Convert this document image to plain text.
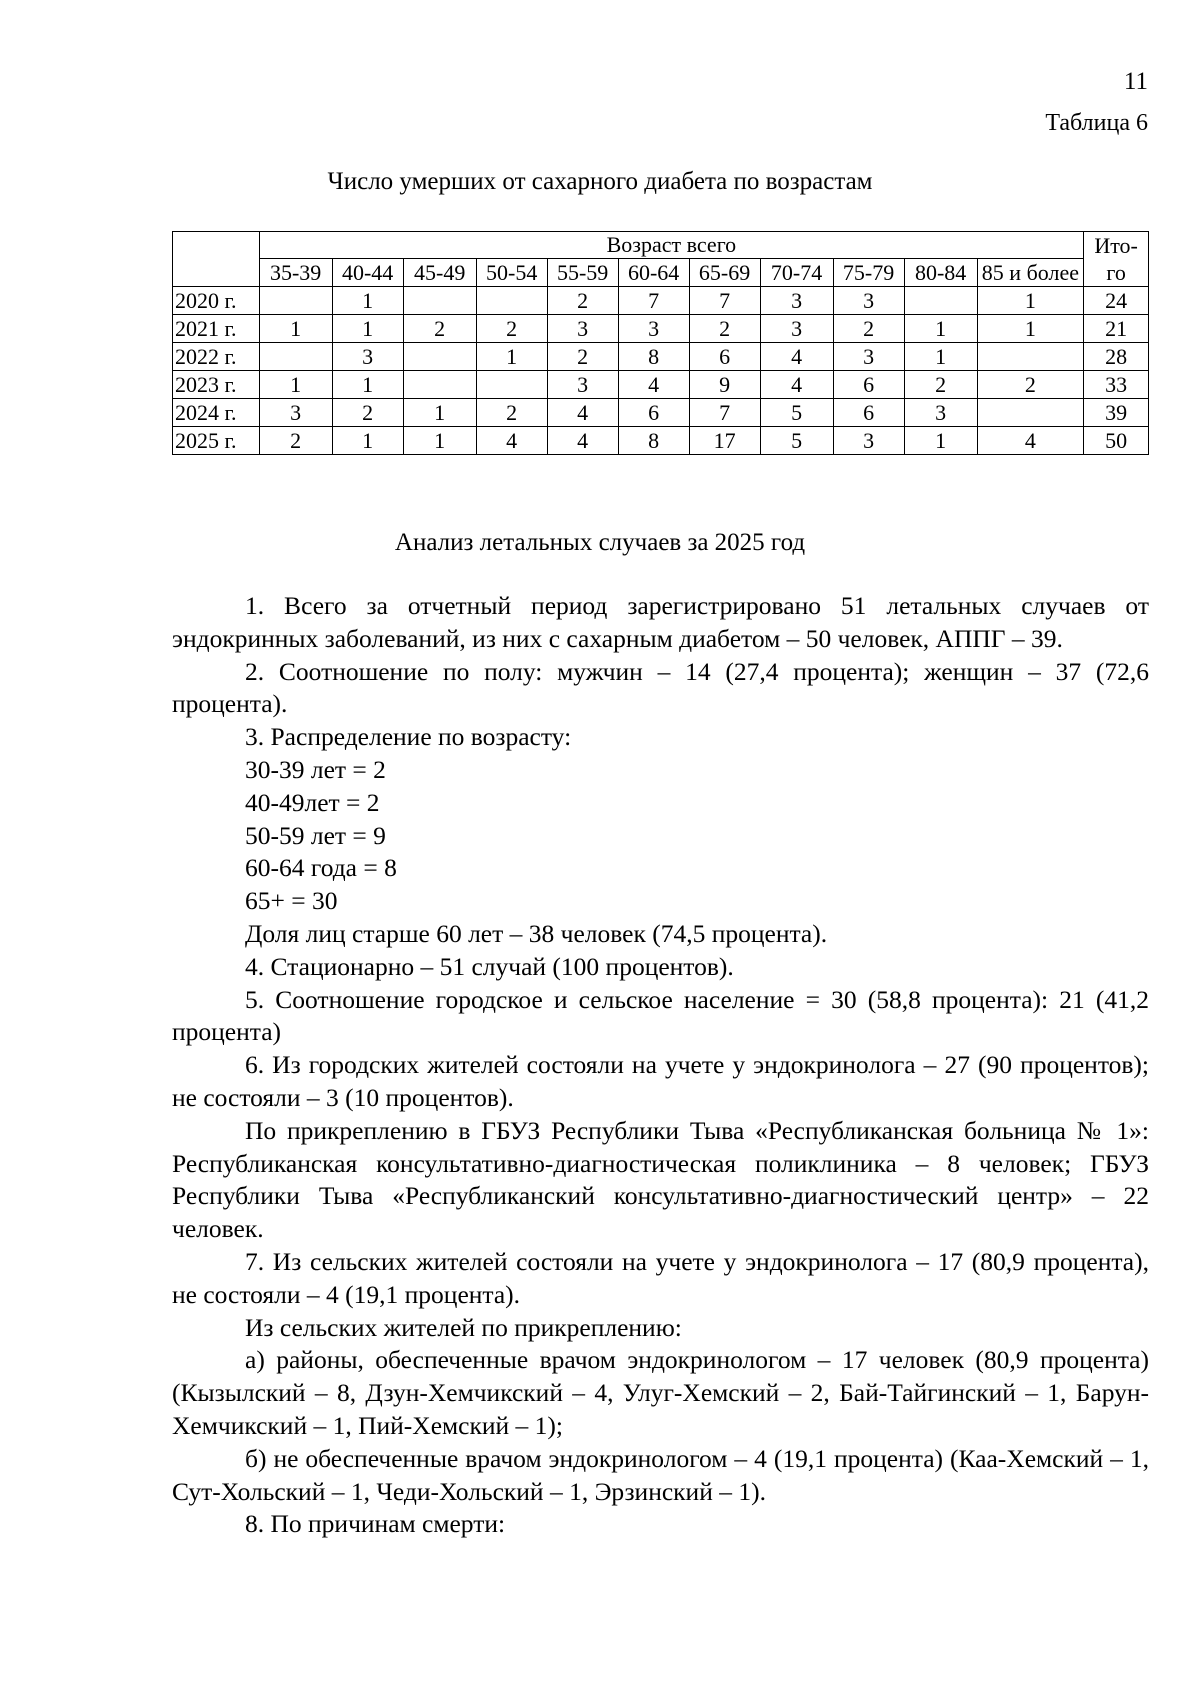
11
Таблица 6
Число умерших от сахарного диабета по возрастам
	Возраст всего											Ито-го
	35-39	40-44	45-49	50-54	55-59	60-64	65-69	70-74	75-79	80-84	85 и более	
2020 г.		1			2	7	7	3	3		1	24
2021 г.	1	1	2	2	3	3	2	3	2	1	1	21
2022 г.		3		1	2	8	6	4	3	1		28
2023 г.	1	1			3	4	9	4	6	2	2	33
2024 г.	3	2	1	2	4	6	7	5	6	3		39
2025 г.	2	1	1	4	4	8	17	5	3	1	4	50
Анализ летальных случаев за 2025 год

1. Всего за отчетный период зарегистрировано 51 летальных случаев от эндокринных заболеваний, из них с сахарным диабетом – 50 человек, АППГ – 39.

2. Соотношение по полу: мужчин – 14 (27,4 процента); женщин – 37 (72,6 процента).

3. Распределение по возрасту:

30-39 лет = 2

40-49лет = 2

50-59 лет = 9

60-64 года = 8

65+ = 30

Доля лиц старше 60 лет – 38 человек (74,5 процента).

4. Стационарно – 51 случай (100 процентов).

5. Соотношение городское и сельское население = 30 (58,8 процента): 21 (41,2 процента)

6. Из городских жителей состояли на учете у эндокринолога – 27 (90 процентов); не состояли – 3 (10 процентов).

По прикреплению в ГБУЗ Республики Тыва «Республиканская больница № 1»: Республиканская консультативно-диагностическая поликлиника – 8 человек; ГБУЗ Республики Тыва «Республиканский консультативно-диагностический центр» – 22 человек.

7. Из сельских жителей состояли на учете у эндокринолога – 17 (80,9 процента), не состояли – 4 (19,1 процента).

Из сельских жителей по прикреплению:

а) районы, обеспеченные врачом эндокринологом – 17 человек (80,9 процента) (Кызылский – 8, Дзун-Хемчикский – 4, Улуг-Хемский – 2, Бай-Тайгинский – 1, Барун-Хемчикский – 1, Пий-Хемский – 1);

б) не обеспеченные врачом эндокринологом – 4 (19,1 процента) (Каа-Хемский – 1, Сут-Хольский – 1, Чеди-Хольский – 1, Эрзинский – 1).

8. По причинам смерти:
